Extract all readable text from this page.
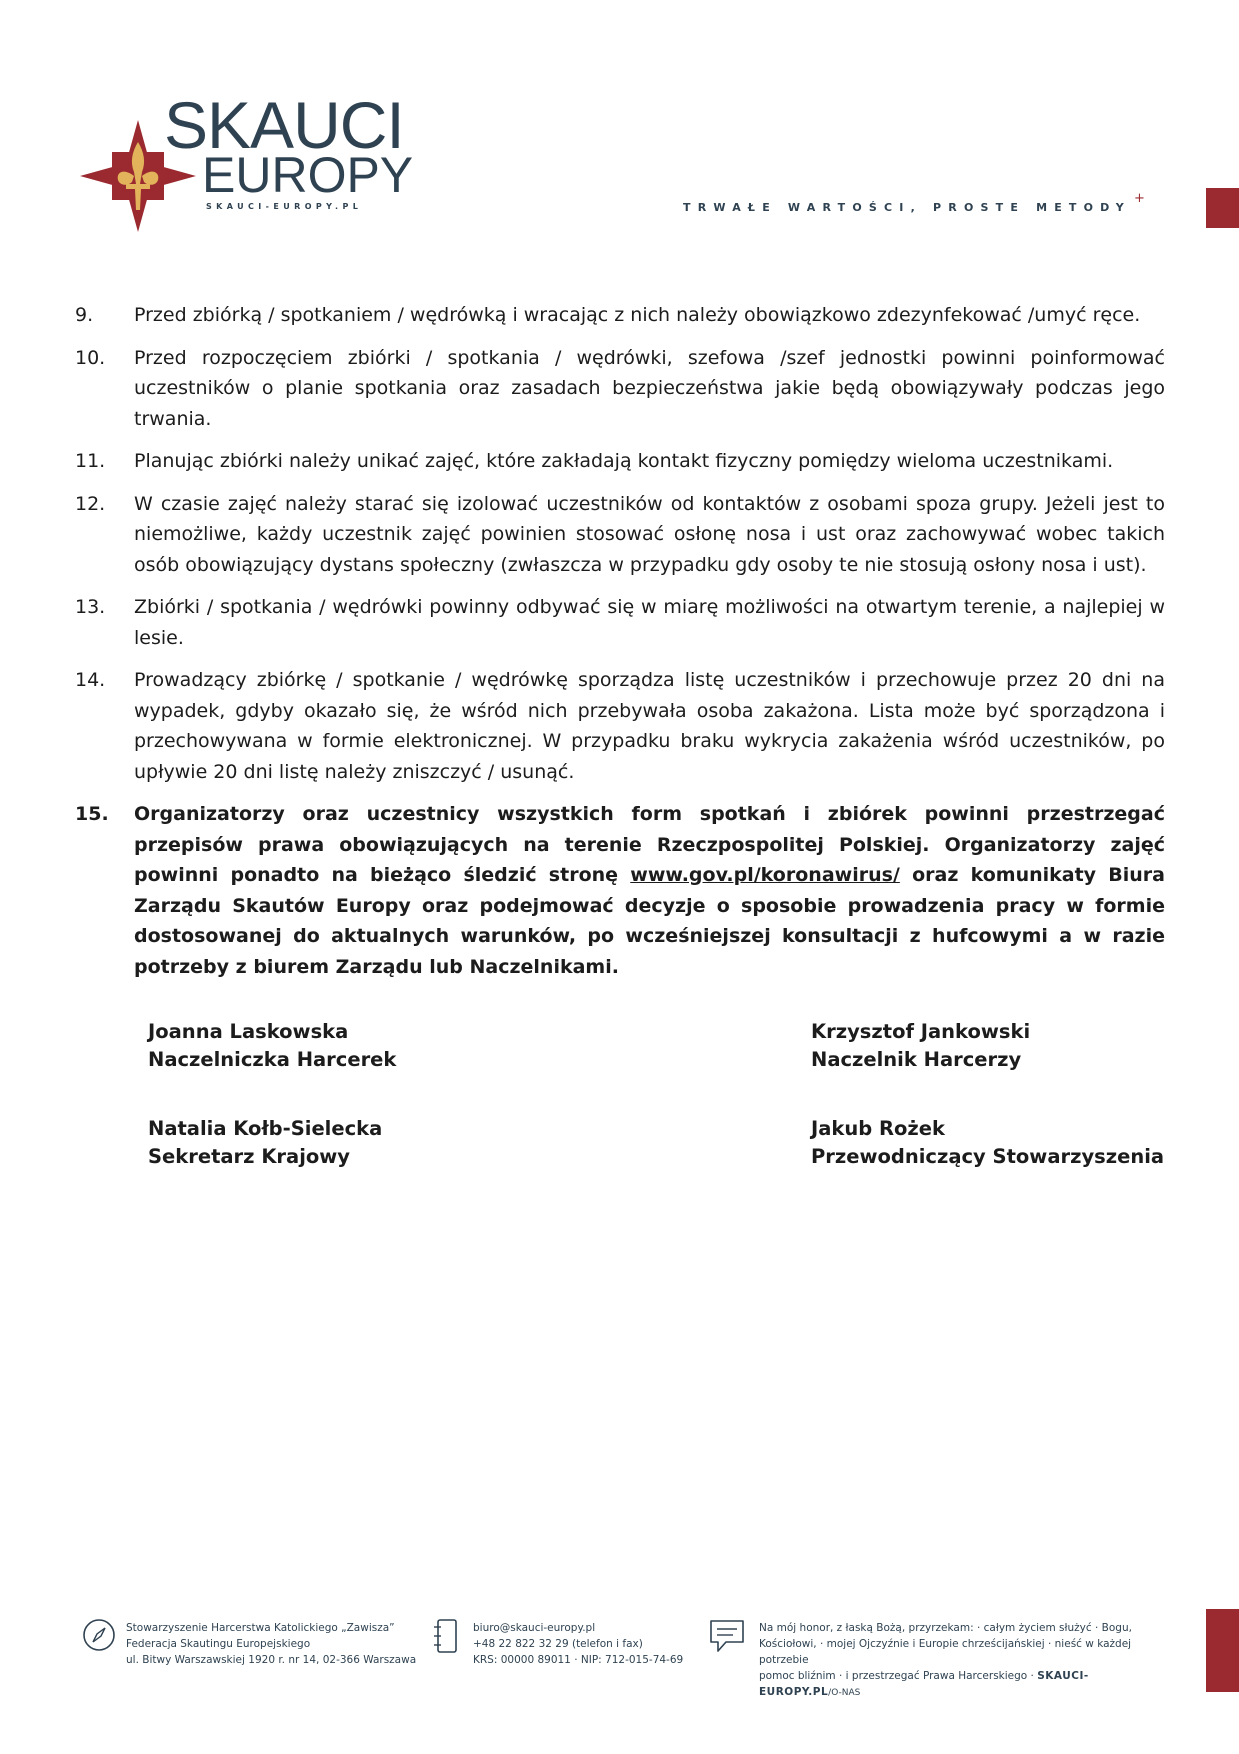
SKAUCI
EUROPY
SKAUCI-EUROPY.PL	TRWAŁE WARTOŚCI, PROSTE METODY
+
9. Przed zbiórką / spotkaniem / wędrówką i wracając z nich należy obowiązkowo zdezynfekować /umyć ręce.
10. Przed rozpoczęciem zbiórki / spotkania / wędrówki, szefowa /szef jednostki powinni poinformować uczestników o planie spotkania oraz zasadach bezpieczeństwa jakie będą obowiązywały podczas jego trwania.
11. Planując zbiórki należy unikać zajęć, które zakładają kontakt fizyczny pomiędzy wieloma uczestnikami.
12. W czasie zajęć należy starać się izolować uczestników od kontaktów z osobami spoza grupy. Jeżeli jest to niemożliwe, każdy uczestnik zajęć powinien stosować osłonę nosa i ust oraz zachowywać wobec takich osób obowiązujący dystans społeczny (zwłaszcza w przypadku gdy osoby te nie stosują osłony nosa i ust).
13. Zbiórki / spotkania / wędrówki powinny odbywać się w miarę możliwości na otwartym terenie, a najlepiej w lesie.
14. Prowadzący zbiórkę / spotkanie / wędrówkę sporządza listę uczestników i przechowuje przez 20 dni na wypadek, gdyby okazało się, że wśród nich przebywała osoba zakażona. Lista może być sporządzona i przechowywana w formie elektronicznej. W przypadku braku wykrycia zakażenia wśród uczestników, po upływie 20 dni listę należy zniszczyć / usunąć.
15. Organizatorzy oraz uczestnicy wszystkich form spotkań i zbiórek powinni przestrzegać przepisów prawa obowiązujących na terenie Rzeczpospolitej Polskiej. Organizatorzy zajęć powinni ponadto na bieżąco śledzić stronę www.gov.pl/koronawirus/ oraz komunikaty Biura Zarządu Skautów Europy oraz podejmować decyzje o sposobie prowadzenia pracy w formie dostosowanej do aktualnych warunków, po wcześniejszej konsultacji z hufcowymi a w razie potrzeby z biurem Zarządu lub Naczelnikami.
Joanna Laskowska
Naczelniczka Harcerek
Krzysztof Jankowski
Naczelnik Harcerzy
Natalia Kołb-Sielecka
Sekretarz Krajowy
Jakub Rożek
Przewodniczący Stowarzyszenia
Stowarzyszenie Harcerstwa Katolickiego „Zawisza”
Federacja Skautingu Europejskiego
ul. Bitwy Warszawskiej 1920 r. nr 14, 02-366 Warszawa
biuro@skauci-europy.pl
+48 22 822 32 29 (telefon i fax)
KRS: 00000 89011 · NIP: 712-015-74-69
Na mój honor, z łaską Bożą, przyrzekam: · całym życiem służyć · Bogu,
Kościołowi, · mojej Ojczyźnie i Europie chrześcijańskiej · nieść w każdej potrzebie
pomoc bliźnim · i przestrzegać Prawa Harcerskiego · SKAUCI-EUROPY.PL/O-NAS
